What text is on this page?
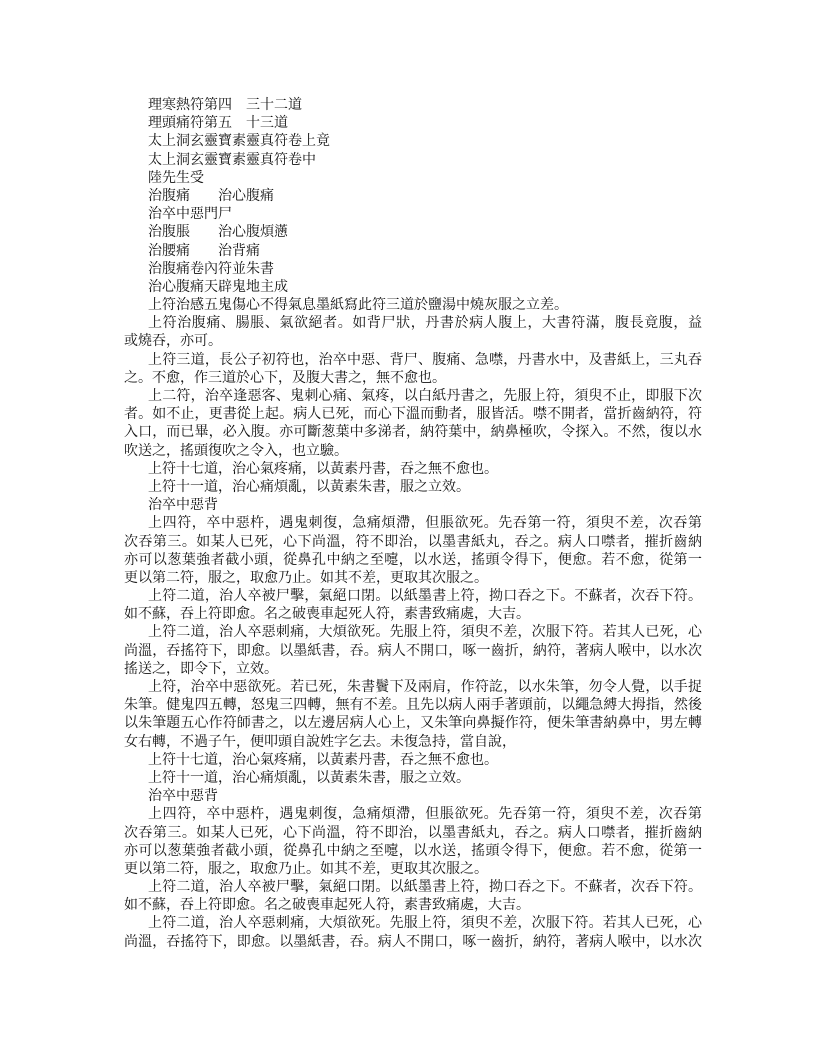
理寒熱符第四　三十二道
理頭痛符第五　十三道
太上洞玄靈寶素靈真符卷上竟
太上洞玄靈寶素靈真符卷中
陸先生受
治腹痛　　治心腹痛
治卒中惡門尸
治腹脹　　治心腹煩懣
治腰痛　　治背痛
治腹痛卷內符並朱書
治心腹痛天辟鬼地主成
上符治感五鬼傷心不得氣息墨紙寫此符三道於鹽湯中燒灰服之立差。
上符治腹痛、腸脹、氣欲絕者。如背尸狀，丹書於病人腹上，大書符滿，腹長竟腹，益
或燒吞，亦可。
上符三道，長公子初符也，治卒中惡、背尸、腹痛、急噤，丹書水中，及書紙上，三丸吞
之。不愈，作三道於心下，及腹大書之，無不愈也。
上二符，治卒逢惡客、鬼刺心痛、氣疼，以白紙丹書之，先服上符，須臾不止，即服下次
者。如不止，更書從上起。病人已死，而心下溫而動者，服皆活。噤不開者，當折齒納符，符
入口，而已畢，必入腹。亦可斷葱葉中多涕者，納符葉中，納鼻極吹，令探入。不然，復以水
吹送之，搖頭復吹之令入，也立驗。
上符十七道，治心氣疼痛，以黃素丹書，吞之無不愈也。
上符十一道，治心痛煩亂，以黃素朱書，服之立效。
治卒中惡背
上四符，卒中惡杵，遇鬼刺復，急痛煩滯，但脹欲死。先吞第一符，須臾不差，次吞第
次吞第三。如某人已死，心下尚溫，符不即治，以墨書紙丸，吞之。病人口噤者，摧折齒納
亦可以葱葉強者截小頭，從鼻孔中納之至嚏，以水送，搖頭令得下，便愈。若不愈，從第一
更以第二符，服之，取愈乃止。如其不差，更取其次服之。
上符二道，治人卒被尸擊，氣絕口閉。以紙墨書上符，拗口吞之下。不蘇者，次吞下符。
如不蘇，吞上符即愈。名之破喪車起死人符，素書致痛處，大吉。
上符二道，治人卒惡刺痛，大煩欲死。先服上符，須臾不差，次服下符。若其人已死，心
尚溫，吞搖符下，即愈。以墨紙書，吞。病人不開口，啄一齒折，納符，著病人喉中，以水次
搖送之，即令下，立效。
上符，治卒中惡欲死。若已死，朱書鬢下及兩肩，作符訖，以水朱筆，勿令人覺，以手捉
朱筆。健鬼四五轉，怒鬼三四轉，無有不差。且先以病人兩手著頭前，以繩急縛大拇指，然後
以朱筆題五心作符師書之，以左邊居病人心上，又朱筆向鼻擬作符，便朱筆書納鼻中，男左轉
女右轉，不過子午，便叩頭自說姓字乞去。未復急持，當自說，
上符十七道，治心氣疼痛，以黃素丹書，吞之無不愈也。
上符十一道，治心痛煩亂，以黃素朱書，服之立效。
治卒中惡背
上四符，卒中惡杵，遇鬼刺復，急痛煩滯，但脹欲死。先吞第一符，須臾不差，次吞第
次吞第三。如某人已死，心下尚溫，符不即治，以墨書紙丸，吞之。病人口噤者，摧折齒納
亦可以葱葉強者截小頭，從鼻孔中納之至嚏，以水送，搖頭令得下，便愈。若不愈，從第一
更以第二符，服之，取愈乃止。如其不差，更取其次服之。
上符二道，治人卒被尸擊，氣絕口閉。以紙墨書上符，拗口吞之下。不蘇者，次吞下符。
如不蘇，吞上符即愈。名之破喪車起死人符，素書致痛處，大吉。
上符二道，治人卒惡刺痛，大煩欲死。先服上符，須臾不差，次服下符。若其人已死，心
尚溫，吞搖符下，即愈。以墨紙書，吞。病人不開口，啄一齒折，納符，著病人喉中，以水次
